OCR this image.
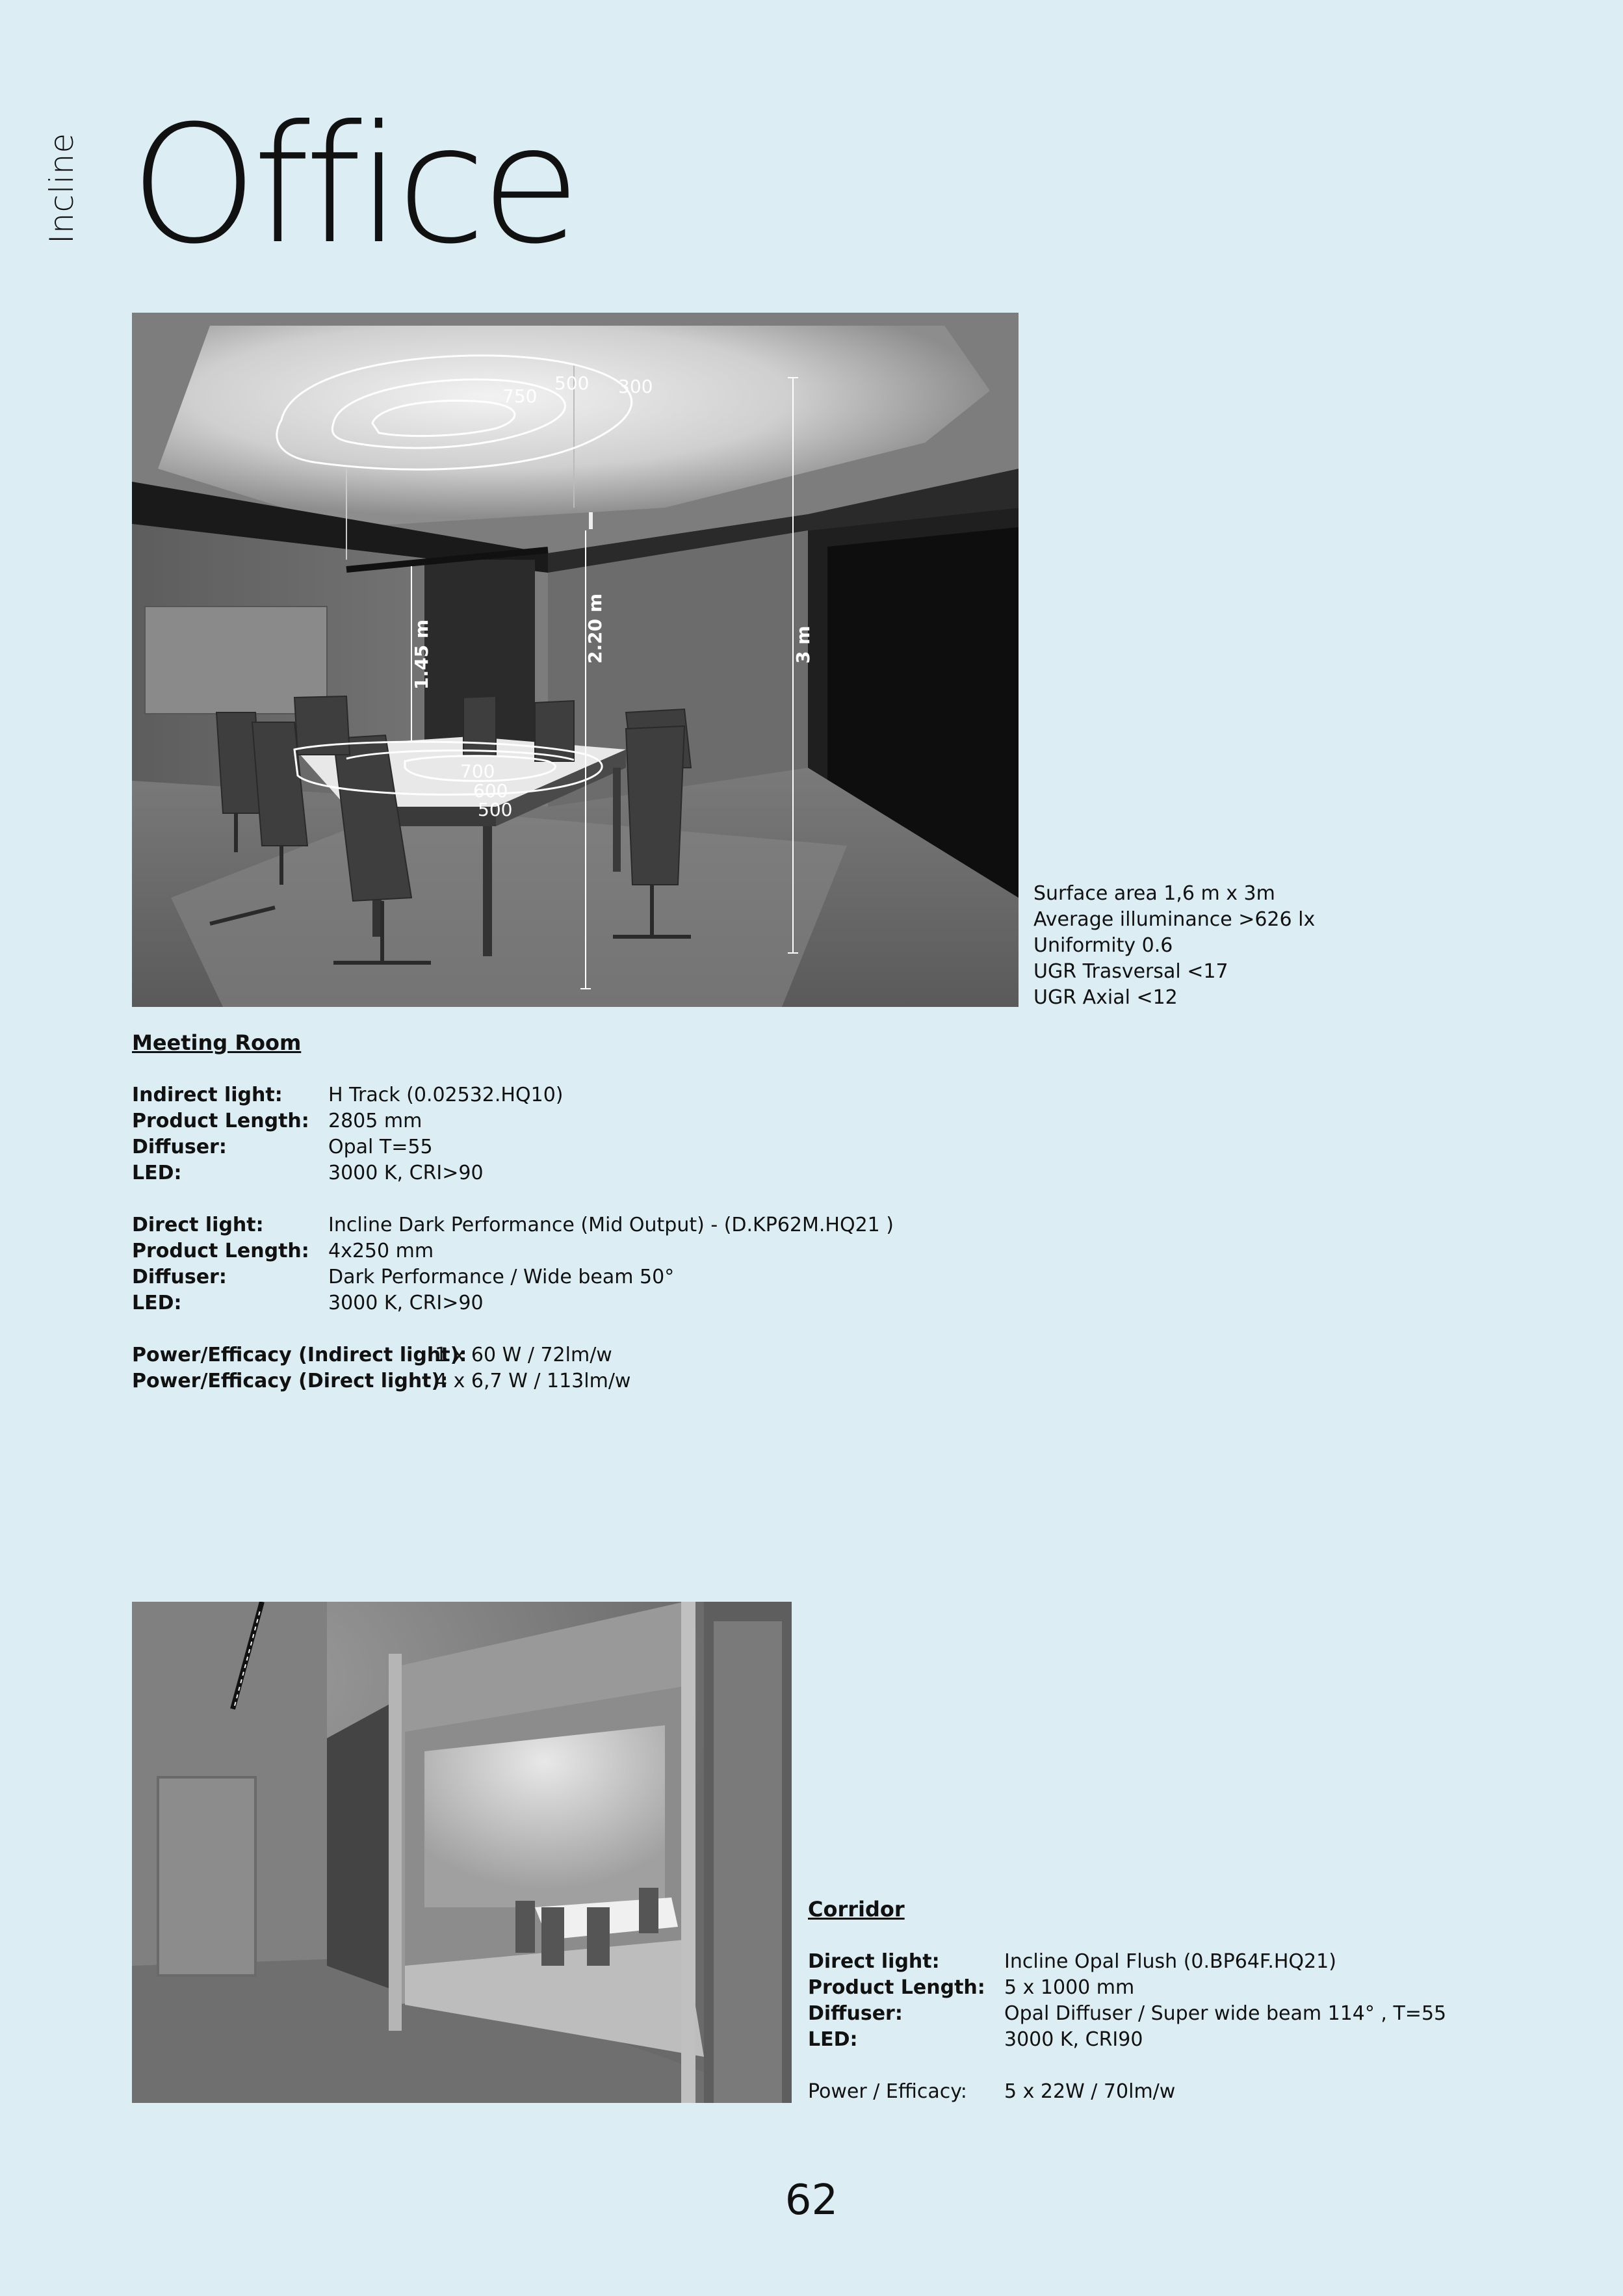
Incline Office
750
500 300
700
600
500
1.45 m	2.20 m	3 m
Surface area 1,6 m x 3m
Average illuminance >626 lx
Uniformity 0.6
UGR Trasversal <17
UGR Axial <12
Meeting Room
Indirect light:	H Track (0.02532.HQ10)
Product Length: 2805 mm
Diffuser:	Opal T=55
LED:	3000 K, CRI>90
Direct light:	Incline Dark Performance (Mid Output) - (D.KP62M.HQ21 )
Product Length: 4x250 mm
Diffuser:	Dark Performance / Wide beam 50°
LED:	3000 K, CRI>90
Power/Efficacy (Indirect light):
1 x 60 W / 72lm/w
Power/Efficacy (Direct light):
4 x 6,7 W / 113lm/w
Corridor
Direct light:	Incline Opal Flush (0.BP64F.HQ21)
Product Length: 5 x 1000 mm
Diffuser:	Opal Diffuser / Super wide beam 114° , T=55
LED:	3000 K, CRI90
Power / Efficacy:	5 x 22W / 70lm/w
62
